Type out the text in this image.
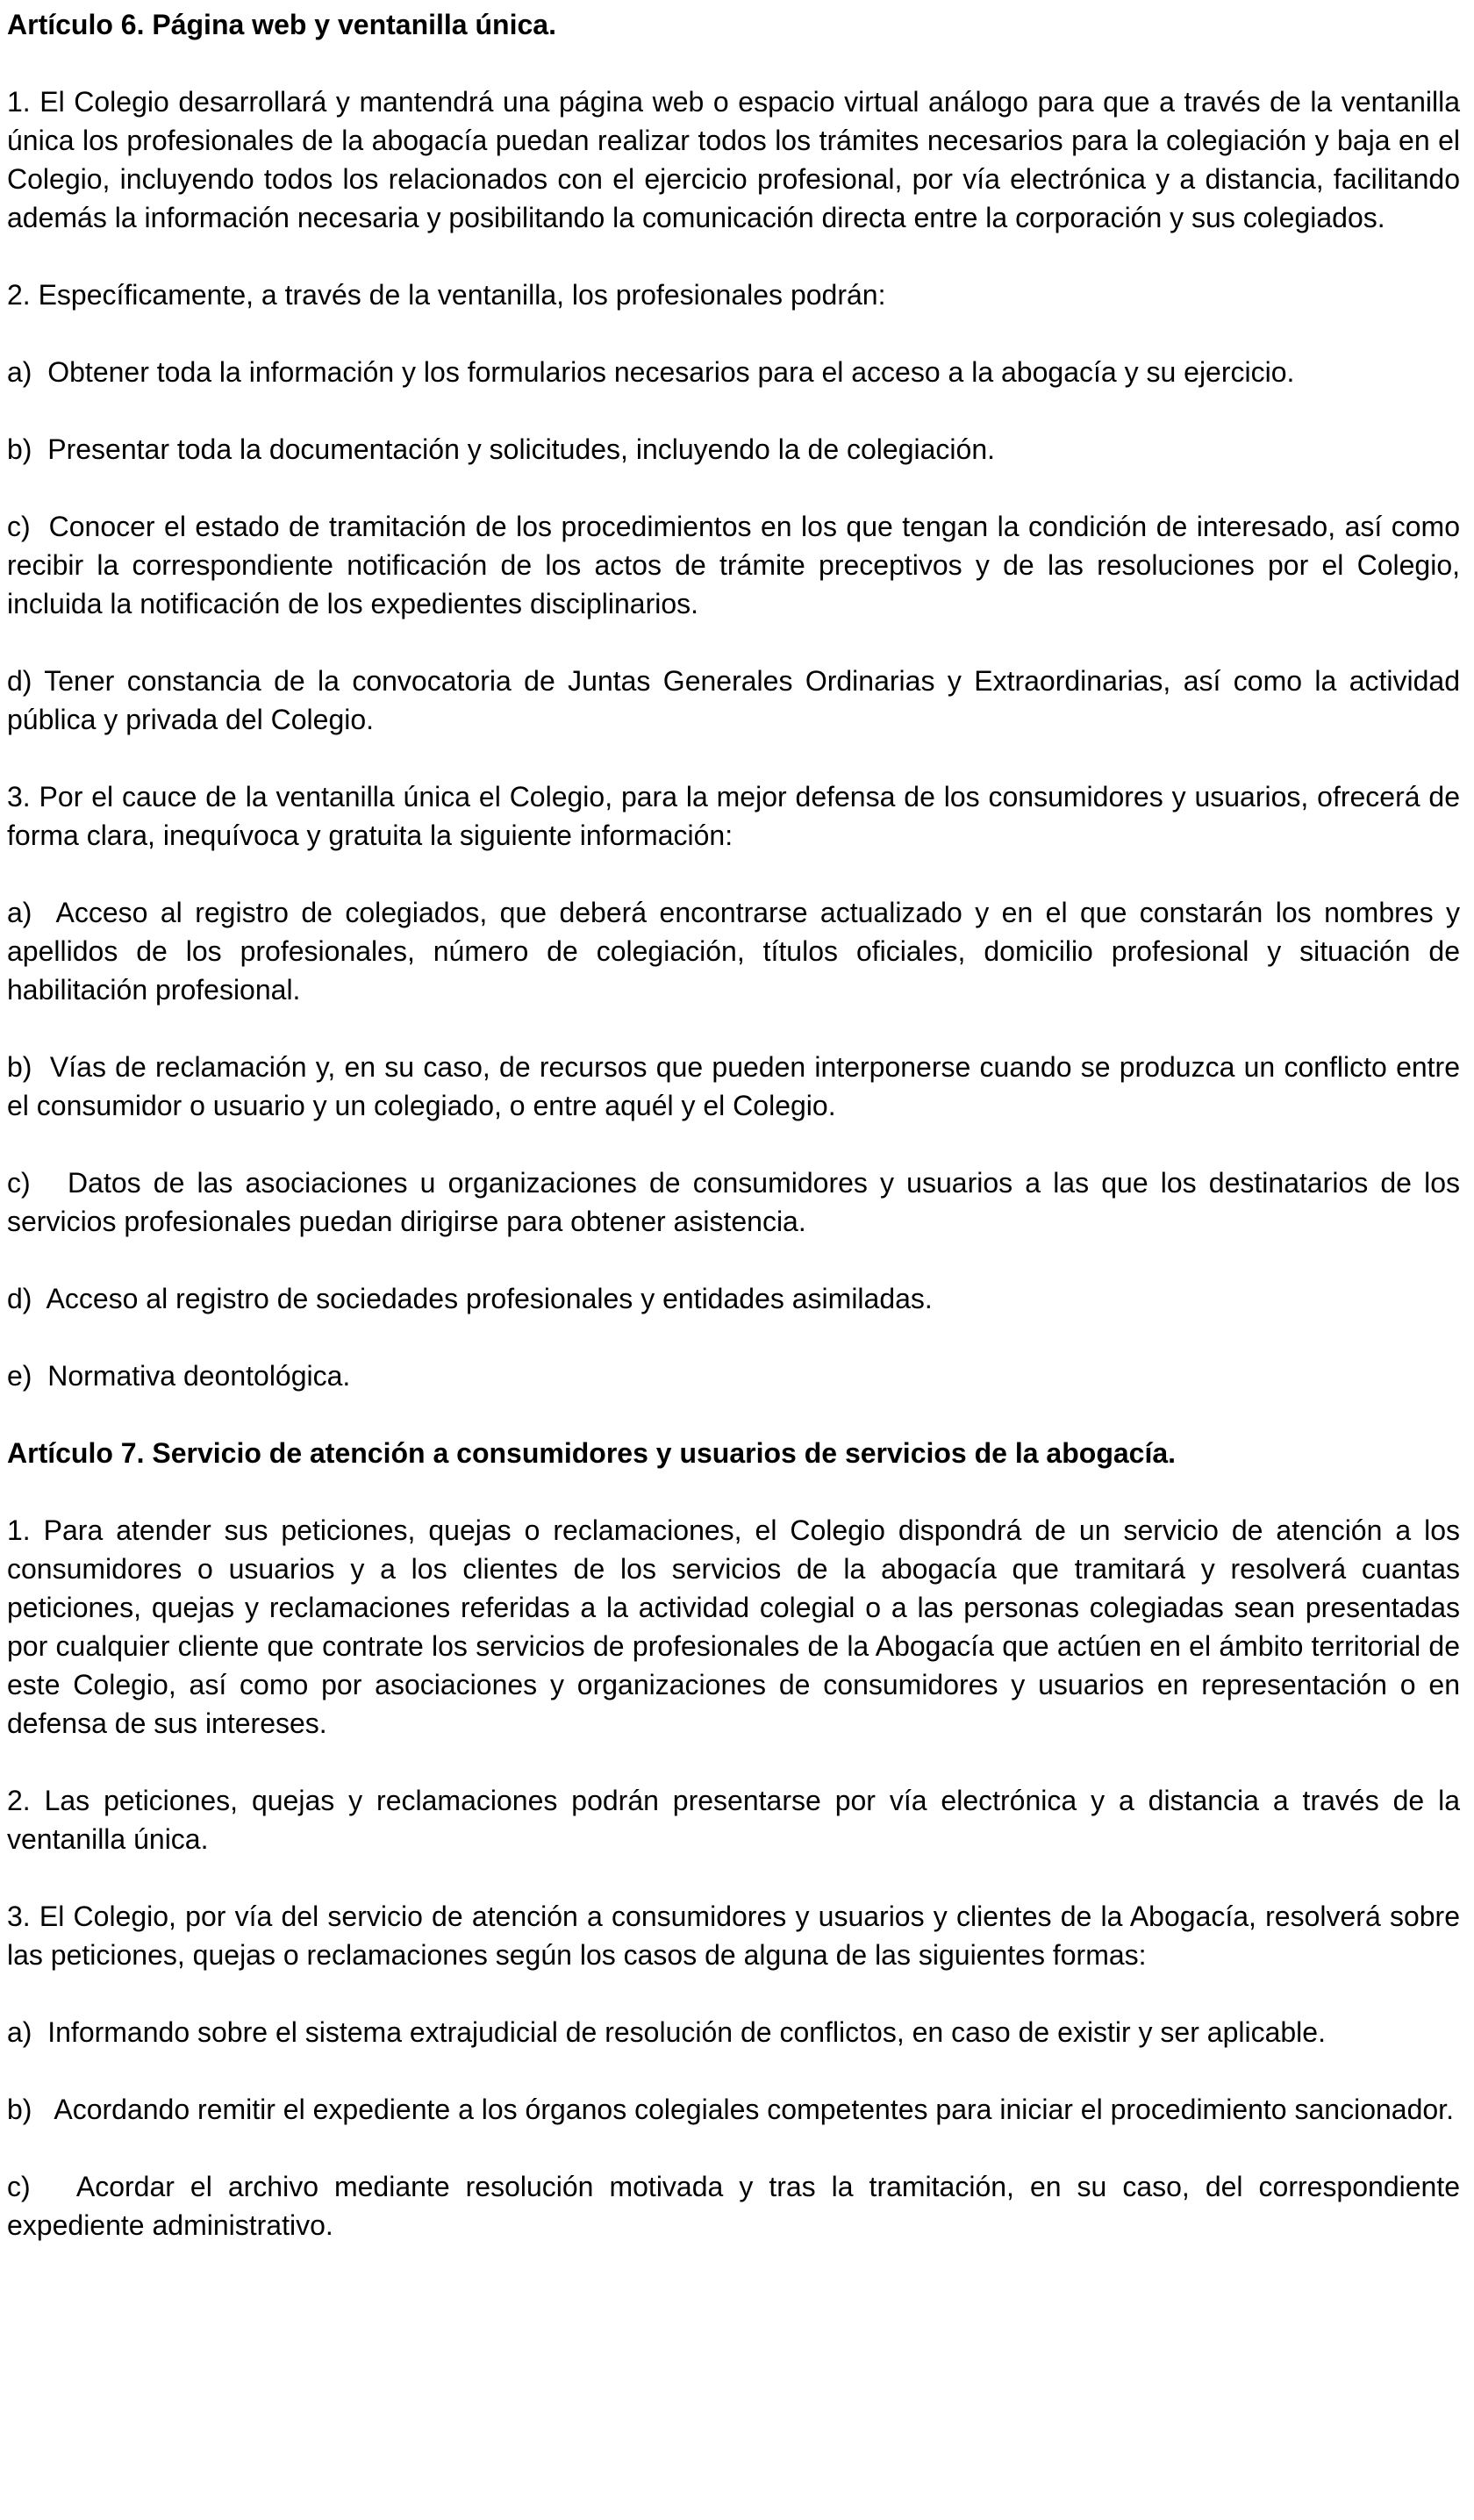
Artículo 6. Página web y ventanilla única.

1. El Colegio desarrollará y mantendrá una página web o espacio virtual análogo para que a través de la ventanilla única los profesionales de la abogacía puedan realizar todos los trámites necesarios para la colegiación y baja en el Colegio, incluyendo todos los relacionados con el ejercicio profesional, por vía electrónica y a distancia, facilitando además la información necesaria y posibilitando la comunicación directa entre la corporación y sus colegiados.

2. Específicamente, a través de la ventanilla, los profesionales podrán:

a)  Obtener toda la información y los formularios necesarios para el acceso a la abogacía y su ejercicio.

b)  Presentar toda la documentación y solicitudes, incluyendo la de colegiación.

c)  Conocer el estado de tramitación de los procedimientos en los que tengan la condición de interesado, así como recibir la correspondiente notificación de los actos de trámite preceptivos y de las resoluciones por el Colegio, incluida la notificación de los expedientes disciplinarios.

d) Tener constancia de la convocatoria de Juntas Generales Ordinarias y Extraordinarias, así como la actividad pública y privada del Colegio.

3. Por el cauce de la ventanilla única el Colegio, para la mejor defensa de los consumidores y usuarios, ofrecerá de forma clara, inequívoca y gratuita la siguiente información:

a)  Acceso al registro de colegiados, que deberá encontrarse actualizado y en el que constarán los nombres y apellidos de los profesionales, número de colegiación, títulos oficiales, domicilio profesional y situación de habilitación profesional.

b)  Vías de reclamación y, en su caso, de recursos que pueden interponerse cuando se produzca un conflicto entre el consumidor o usuario y un colegiado, o entre aquél y el Colegio.

c)   Datos de las asociaciones u organizaciones de consumidores y usuarios a las que los destinatarios de los servicios profesionales puedan dirigirse para obtener asistencia.

d)  Acceso al registro de sociedades profesionales y entidades asimiladas.

e)  Normativa deontológica.

Artículo 7. Servicio de atención a consumidores y usuarios de servicios de la abogacía.

1. Para atender sus peticiones, quejas o reclamaciones, el Colegio dispondrá de un servicio de atención a los consumidores o usuarios y a los clientes de los servicios de la abogacía que tramitará y resolverá cuantas peticiones, quejas y reclamaciones referidas a la actividad colegial o a las personas colegiadas sean presentadas por cualquier cliente que contrate los servicios de profesionales de la Abogacía que actúen en el ámbito territorial de este Colegio, así como por asociaciones y organizaciones de consumidores y usuarios en representación o en defensa de sus intereses.

2. Las peticiones, quejas y reclamaciones podrán presentarse por vía electrónica y a distancia a través de la ventanilla única.

3. El Colegio, por vía del servicio de atención a consumidores y usuarios y clientes de la Abogacía, resolverá sobre las peticiones, quejas o reclamaciones según los casos de alguna de las siguientes formas:

a)  Informando sobre el sistema extrajudicial de resolución de conflictos, en caso de existir y ser aplicable.

b)   Acordando remitir el expediente a los órganos colegiales competentes para iniciar el procedimiento sancionador.

c)   Acordar el archivo mediante resolución motivada y tras la tramitación, en su caso, del correspondiente expediente administrativo.
